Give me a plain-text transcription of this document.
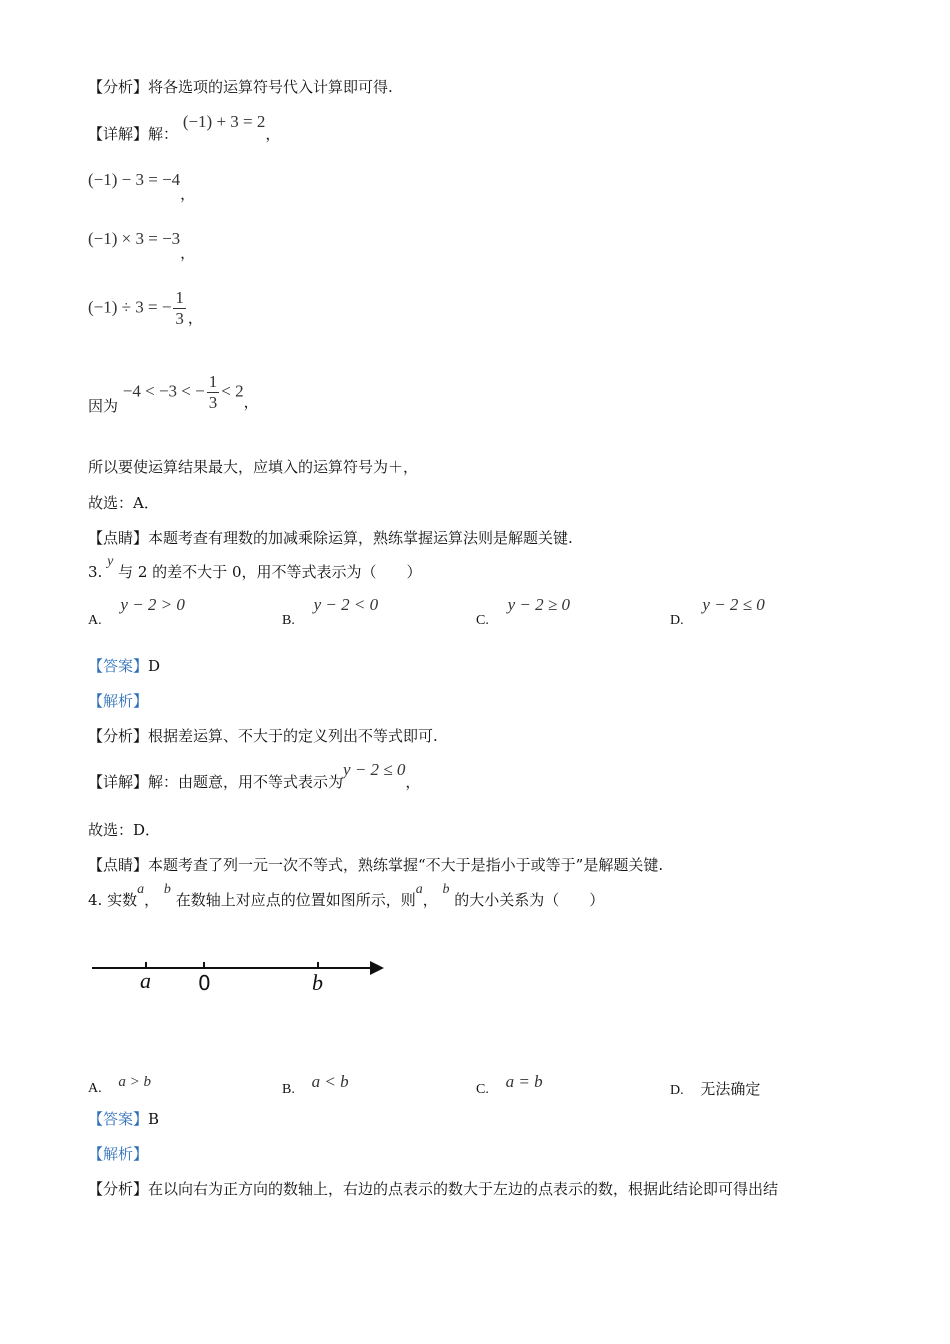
【分析】将各选项的运算符号代入计算即可得.
【详解】解： (−1) + 3 = 2，
(−1) − 3 = −4，
(−1) × 3 = −3，
(−1) ÷ 3 = − $\frac{1}{3}$ ，
因为 −4 < −3 < − $\frac{1}{3} < 2$，
所以要使运算结果最大，应填入的运算符号为＋，
故选：A．
【点睛】本题考查有理数的加减乘除运算，熟练掌握运算法则是解题关键.
3. y 与 2 的差不大于 0，用不等式表示为（　　）
A. y − 2 > 0
B. y − 2 < 0
C. y − 2 ≥ 0
D. y − 2 ≤ 0
【答案】D
【解析】
【分析】根据差运算、不大于的定义列出不等式即可.
【详解】解：由题意，用不等式表示为y − 2 ≤ 0，
故选：D．
【点睛】本题考查了列一元一次不等式，熟练掌握“不大于是指小于或等于”是解题关键.
4. 实数a， b 在数轴上对应点的位置如图所示，则a， b 的大小关系为（　　）
a 0	b
A. a > b	B. a < b	C. a = b	D. 无法确定
【答案】B
【解析】
【分析】在以向右为正方向的数轴上，右边的点表示的数大于左边的点表示的数，根据此结论即可得出结
